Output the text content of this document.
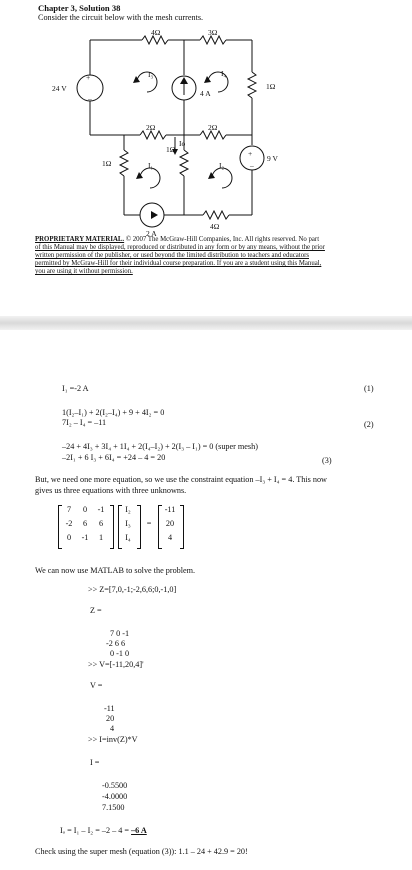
Chapter 3, Solution 38
Consider the circuit below with the mesh currents.
+
–
+
–
4Ω	3Ω
24 V	1Ω
I₃	I₄
4 A
2Ω	2Ω
Io
1Ω
1Ω
I₁	I₂
9 V
4Ω
2 A
PROPRIETARY MATERIAL. © 2007 The McGraw-Hill Companies, Inc. All rights reserved. No part
of this Manual may be displayed, reproduced or distributed in any form or by any means, without the prior
written permission of the publisher, or used beyond the limited distribution to teachers and educators
permitted by McGraw-Hill for their individual course preparation. If you are a student using this Manual,
you are using it without permission.
I₁ =-2 A	(1)
1(I₂–I₁) + 2(I₂–I₄) + 9 + 4I₂ = 0
7I₂ – I₄ = –11	(2)
–24 + 4I₃ + 3I₄ + 1I₄ + 2(I₄–I₂) + 2(I₃ – I₁) = 0 (super mesh)
–2I₁ + 6 I₃ + 6I₄ = +24 – 4 = 20	(3)
But, we need one more equation, so we use the constraint equation –I₃ + I₄ = 4. This now
gives us three equations with three unknowns.
7	0	-1
-2	6	6
0	-1	1
I₂
I₃
I₄
=
-11
20
4
We can now use MATLAB to solve the problem.
>> Z=[7,0,-1;-2,6,6;0,-1,0]
Z =
7 0 -1
-2 6 6
0 -1 0
>> V=[-11,20,4]'
V =
-11
20
4
>> I=inv(Z)*V
I =
-0.5500
-4.0000
7.1500
Iₒ = I₁ – I₂ = –2 – 4 = –6 A
Check using the super mesh (equation (3)): 1.1 – 24 + 42.9 = 20!
